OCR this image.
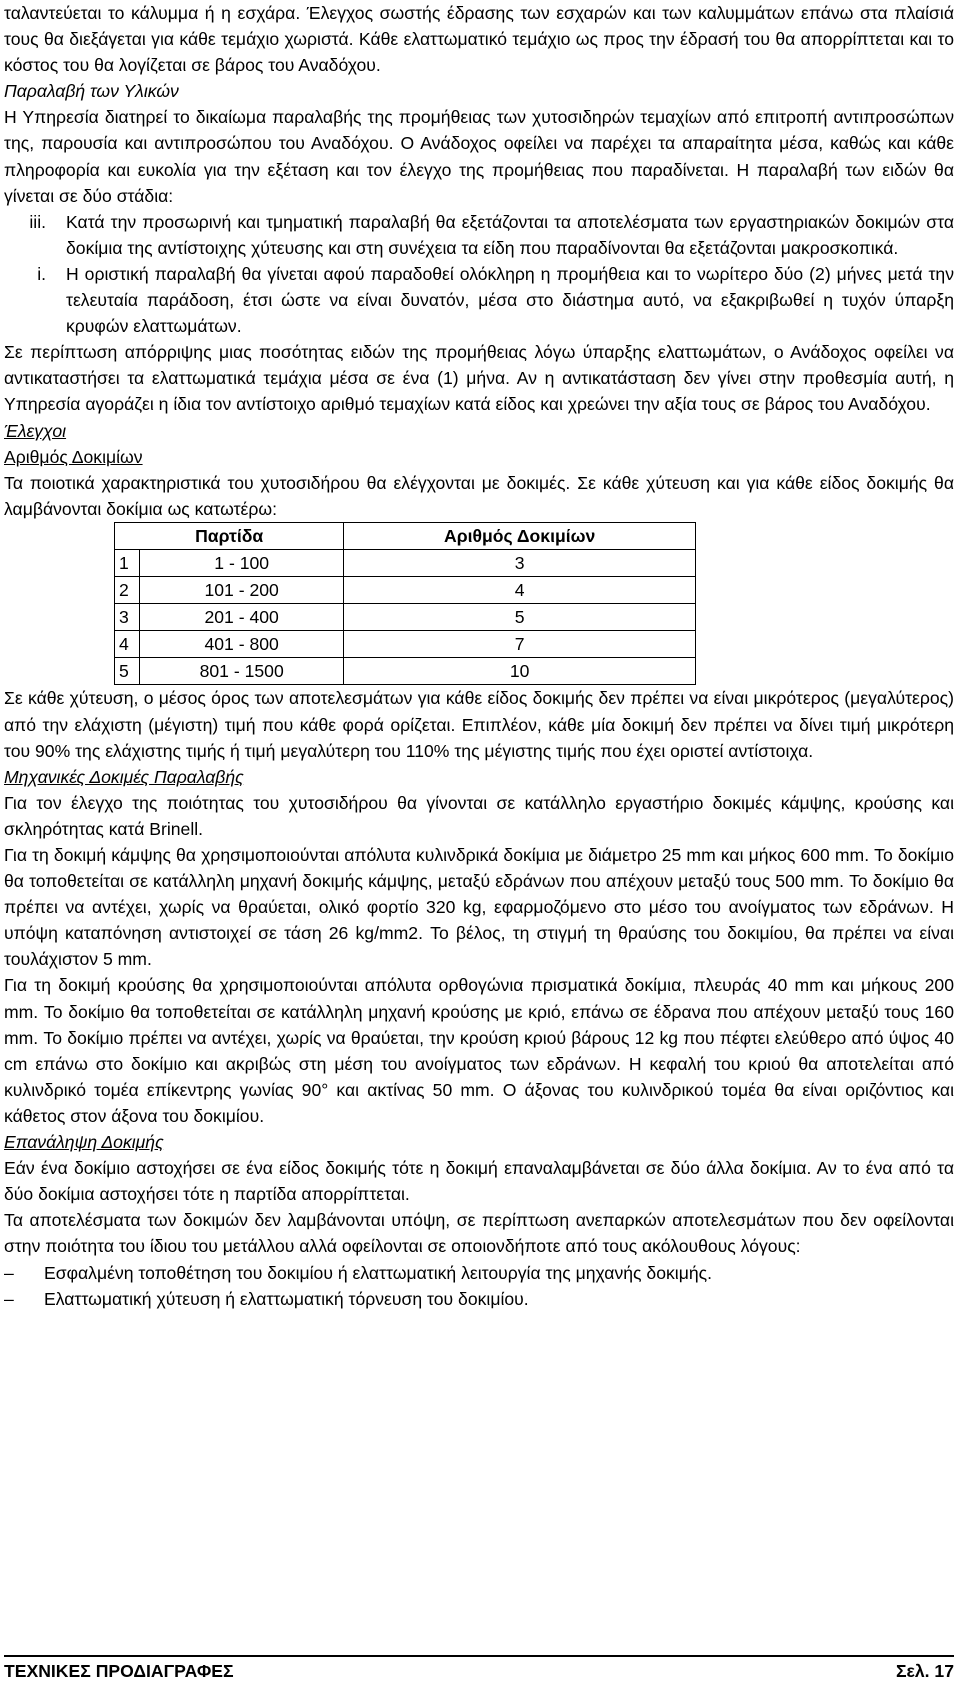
ταλαντεύεται το κάλυμμα ή η εσχάρα. Έλεγχος σωστής έδρασης των εσχαρών και των καλυμμάτων επάνω στα πλαίσιά τους θα διεξάγεται για κάθε τεμάχιο χωριστά. Κάθε ελαττωματικό τεμάχιο ως προς την έδρασή του θα απορρίπτεται και το κόστος του θα λογίζεται σε βάρος του Αναδόχου.

Παραλαβή των Υλικών

Η Υπηρεσία διατηρεί το δικαίωμα παραλαβής της προμήθειας των χυτοσιδηρών τεμαχίων από επιτροπή αντιπροσώπων της, παρουσία και αντιπροσώπου του Αναδόχου. Ο Ανάδοχος οφείλει να παρέχει τα απαραίτητα μέσα, καθώς και κάθε πληροφορία και ευκολία για την εξέταση και τον έλεγχο της προμήθειας που παραδίνεται. Η παραλαβή των ειδών θα γίνεται σε δύο στάδια:

iii.	Κατά την προσωρινή και τμηματική παραλαβή θα εξετάζονται τα αποτελέσματα των εργαστηριακών δοκιμών στα δοκίμια της αντίστοιχης χύτευσης και στη συνέχεια τα είδη που παραδίνονται θα εξετάζονται μακροσκοπικά.
i.	Η οριστική παραλαβή θα γίνεται αφού παραδοθεί ολόκληρη η προμήθεια και το νωρίτερο δύο (2) μήνες μετά την τελευταία παράδοση, έτσι ώστε να είναι δυνατόν, μέσα στο διάστημα αυτό, να εξακριβωθεί η τυχόν ύπαρξη κρυφών ελαττωμάτων.

Σε περίπτωση απόρριψης μιας ποσότητας ειδών της προμήθειας λόγω ύπαρξης ελαττωμάτων, ο Ανάδοχος οφείλει να αντικαταστήσει τα ελαττωματικά τεμάχια μέσα σε ένα (1) μήνα. Αν η αντικατάσταση δεν γίνει στην προθεσμία αυτή, η Υπηρεσία αγοράζει η ίδια τον αντίστοιχο αριθμό τεμαχίων κατά είδος και χρεώνει την αξία τους σε βάρος του Αναδόχου.

Έλεγχοι

Αριθμός Δοκιμίων

Τα ποιοτικά χαρακτηριστικά του χυτοσιδήρου θα ελέγχονται με δοκιμές. Σε κάθε χύτευση και για κάθε είδος δοκιμής θα λαμβάνονται δοκίμια ως κατωτέρω:

Παρτίδα		Αριθμός Δοκιμίων
1	1 - 100	3
2	101 - 200	4
3	201 - 400	5
4	401 - 800	7
5	801 - 1500	10

Σε κάθε χύτευση, ο μέσος όρος των αποτελεσμάτων για κάθε είδος δοκιμής δεν πρέπει να είναι μικρότερος (μεγαλύτερος) από την ελάχιστη (μέγιστη) τιμή που κάθε φορά ορίζεται. Επιπλέον, κάθε μία δοκιμή δεν πρέπει να δίνει τιμή μικρότερη του 90% της ελάχιστης τιμής ή τιμή μεγαλύτερη του 110% της μέγιστης τιμής που έχει οριστεί αντίστοιχα.

Μηχανικές Δοκιμές Παραλαβής

Για τον έλεγχο της ποιότητας του χυτοσιδήρου θα γίνονται σε κατάλληλο εργαστήριο δοκιμές κάμψης, κρούσης και σκληρότητας κατά Brinell.

Για τη δοκιμή κάμψης θα χρησιμοποιούνται απόλυτα κυλινδρικά δοκίμια με διάμετρο 25 mm και μήκος 600 mm. Το δοκίμιο θα τοποθετείται σε κατάλληλη μηχανή δοκιμής κάμψης, μεταξύ εδράνων που απέχουν μεταξύ τους 500 mm. Το δοκίμιο θα πρέπει να αντέχει, χωρίς να θραύεται, ολικό φορτίο 320 kg, εφαρμοζόμενο στο μέσο του ανοίγματος των εδράνων. Η υπόψη καταπόνηση αντιστοιχεί σε τάση 26 kg/mm2. Το βέλος, τη στιγμή τη θραύσης του δοκιμίου, θα πρέπει να είναι τουλάχιστον 5 mm.

Για τη δοκιμή κρούσης θα χρησιμοποιούνται απόλυτα ορθογώνια πρισματικά δοκίμια, πλευράς 40 mm και μήκους 200 mm. Το δοκίμιο θα τοποθετείται σε κατάλληλη μηχανή κρούσης με κριό, επάνω σε έδρανα που απέχουν μεταξύ τους 160 mm. Το δοκίμιο πρέπει να αντέχει, χωρίς να θραύεται, την κρούση κριού βάρους 12 kg που πέφτει ελεύθερο από ύψος 40 cm επάνω στο δοκίμιο και ακριβώς στη μέση του ανοίγματος των εδράνων. Η κεφαλή του κριού θα αποτελείται από κυλινδρικό τομέα επίκεντρης γωνίας 90° και ακτίνας 50 mm. Ο άξονας του κυλινδρικού τομέα θα είναι οριζόντιος και κάθετος στον άξονα του δοκιμίου.

Επανάληψη Δοκιμής

Εάν ένα δοκίμιο αστοχήσει σε ένα είδος δοκιμής τότε η δοκιμή επαναλαμβάνεται σε δύο άλλα δοκίμια. Αν το ένα από τα δύο δοκίμια αστοχήσει τότε η παρτίδα απορρίπτεται.

Τα αποτελέσματα των δοκιμών δεν λαμβάνονται υπόψη, σε περίπτωση ανεπαρκών αποτελεσμάτων που δεν οφείλονται στην ποιότητα του ίδιου του μετάλλου αλλά οφείλονται σε οποιονδήποτε από τους ακόλουθους λόγους:

–	Εσφαλμένη τοποθέτηση του δοκιμίου ή ελαττωματική λειτουργία της μηχανής δοκιμής.
–	Ελαττωματική χύτευση ή ελαττωματική τόρνευση του δοκιμίου.
ΤΕΧΝΙΚΕΣ ΠΡΟΔΙΑΓΡΑΦΕΣ	Σελ. 17
